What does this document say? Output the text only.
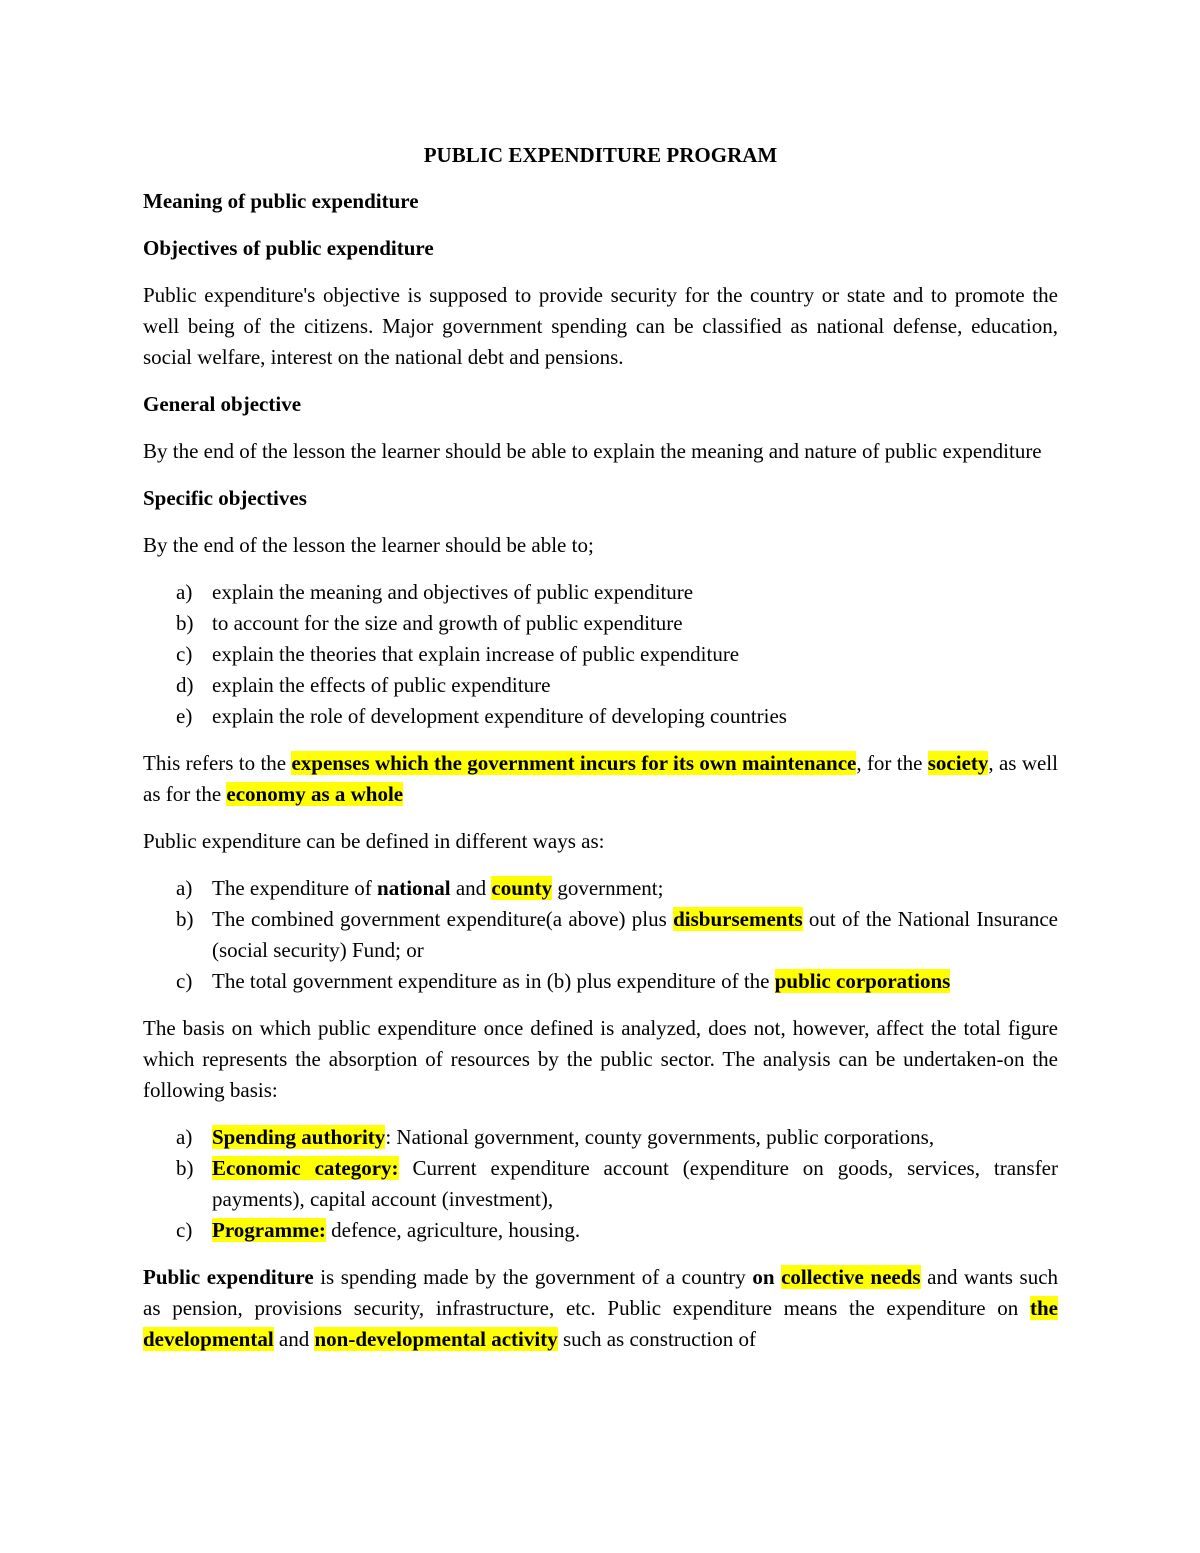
PUBLIC EXPENDITURE PROGRAM
Meaning of public expenditure
Objectives of public expenditure

Public expenditure's objective is supposed to provide security for the country or state and to promote the well being of the citizens. Major government spending can be classified as national defense, education, social welfare, interest on the national debt and pensions.

General objective

By the end of the lesson the learner should be able to explain the meaning and nature of public expenditure

Specific objectives

By the end of the lesson the learner should be able to;

a) explain the meaning and objectives of public expenditure
b) to account for the size and growth of public expenditure
c) explain the theories that explain increase of public expenditure
d) explain the effects of public expenditure
e) explain the role of development expenditure of developing countries

This refers to the expenses which the government incurs for its own maintenance, for the society, as well as for the economy as a whole

Public expenditure can be defined in different ways as:

a) The expenditure of national and county government;
b) The combined government expenditure(a above) plus disbursements out of the National Insurance (social security) Fund; or
c) The total government expenditure as in (b) plus expenditure of the public corporations

The basis on which public expenditure once defined is analyzed, does not, however, affect the total figure which represents the absorption of resources by the public sector. The analysis can be undertaken-on the following basis:

a) Spending authority: National government, county governments, public corporations,
b) Economic category: Current expenditure account (expenditure on goods, services, transfer payments), capital account (investment),
c) Programme: defence, agriculture, housing.

Public expenditure is spending made by the government of a country on collective needs and wants such as pension, provisions security, infrastructure, etc. Public expenditure means the expenditure on the developmental and non-developmental activity such as construction of
